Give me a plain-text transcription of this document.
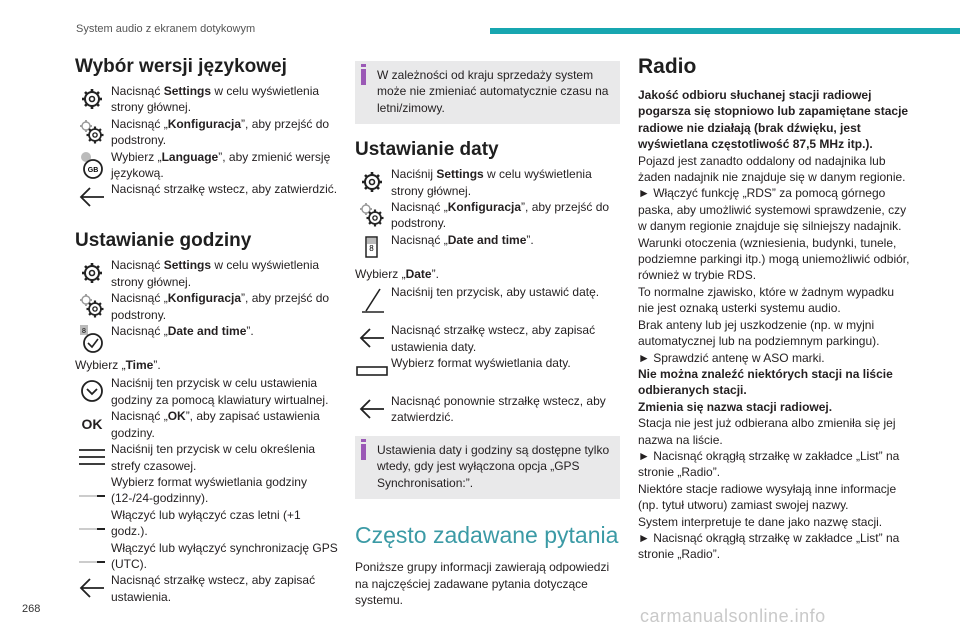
System audio z ekranem dotykowym
268	carmanualsonline.info
Wybór wersji językowej
Nacisnąć Settings w celu wyświetlenia strony głównej.
Nacisnąć „Konfiguracja”, aby przejść do podstrony.
GB
Wybierz „Language”, aby zmienić wersję językową.
Nacisnąć strzałkę wstecz, aby zatwierdzić.
Ustawianie godziny
Nacisnąć Settings w celu wyświetlenia strony głównej.
Nacisnąć „Konfiguracja”, aby przejść do podstrony.
8 Nacisnąć „Date and time”.

Wybierz „Time”.

Naciśnij ten przycisk w celu ustawienia godziny za pomocą klawiatury wirtualnej.
OK Nacisnąć „OK”, aby zapisać ustawienia godziny.
Naciśnij ten przycisk w celu określenia strefy czasowej.
Wybierz format wyświetlania godziny (12-/24-godzinny).
Włączyć lub wyłączyć czas letni (+1 godz.).
Włączyć lub wyłączyć synchronizację GPS (UTC).
Nacisnąć strzałkę wstecz, aby zapisać ustawienia.
W zależności od kraju sprzedaży system może nie zmieniać automatycznie czasu na letni/zimowy.
Ustawianie daty
Naciśnij Settings w celu wyświetlenia strony głównej.
Nacisnąć „Konfiguracja”, aby przejść do podstrony.
8
Nacisnąć „Date and time”.

Wybierz „Date”.

Naciśnij ten przycisk, aby ustawić datę.
Nacisnąć strzałkę wstecz, aby zapisać ustawienia daty.
Wybierz format wyświetlania daty.
Nacisnąć ponownie strzałkę wstecz, aby zatwierdzić.
Ustawienia daty i godziny są dostępne tylko wtedy, gdy jest wyłączona opcja „GPS Synchronisation:”.
Często zadawane pytania

Poniższe grupy informacji zawierają odpowiedzi na najczęściej zadawane pytania dotyczące systemu.

Radio

Jakość odbioru słuchanej stacji radiowej pogarsza się stopniowo lub zapamiętane stacje radiowe nie działają (brak dźwięku, jest wyświetlana częstotliwość 87,5 MHz itp.).

Pojazd jest zanadto oddalony od nadajnika lub żaden nadajnik nie znajduje się w danym regionie.

► Włączyć funkcję „RDS” za pomocą górnego paska, aby umożliwić systemowi sprawdzenie, czy w danym regionie znajduje się silniejszy nadajnik.

Warunki otoczenia (wzniesienia, budynki, tunele, podziemne parkingi itp.) mogą uniemożliwić odbiór, również w trybie RDS.

To normalne zjawisko, które w żadnym wypadku nie jest oznaką usterki systemu audio.

Brak anteny lub jej uszkodzenie (np. w myjni automatycznej lub na podziemnym parkingu).

► Sprawdzić antenę w ASO marki.

Nie można znaleźć niektórych stacji na liście odbieranych stacji.

Zmienia się nazwa stacji radiowej.

Stacja nie jest już odbierana albo zmieniła się jej nazwa na liście.

► Nacisnąć okrągłą strzałkę w zakładce „List” na stronie „Radio”.

Niektóre stacje radiowe wysyłają inne informacje (np. tytuł utworu) zamiast swojej nazwy.

System interpretuje te dane jako nazwę stacji.

► Nacisnąć okrągłą strzałkę w zakładce „List” na stronie „Radio”.
